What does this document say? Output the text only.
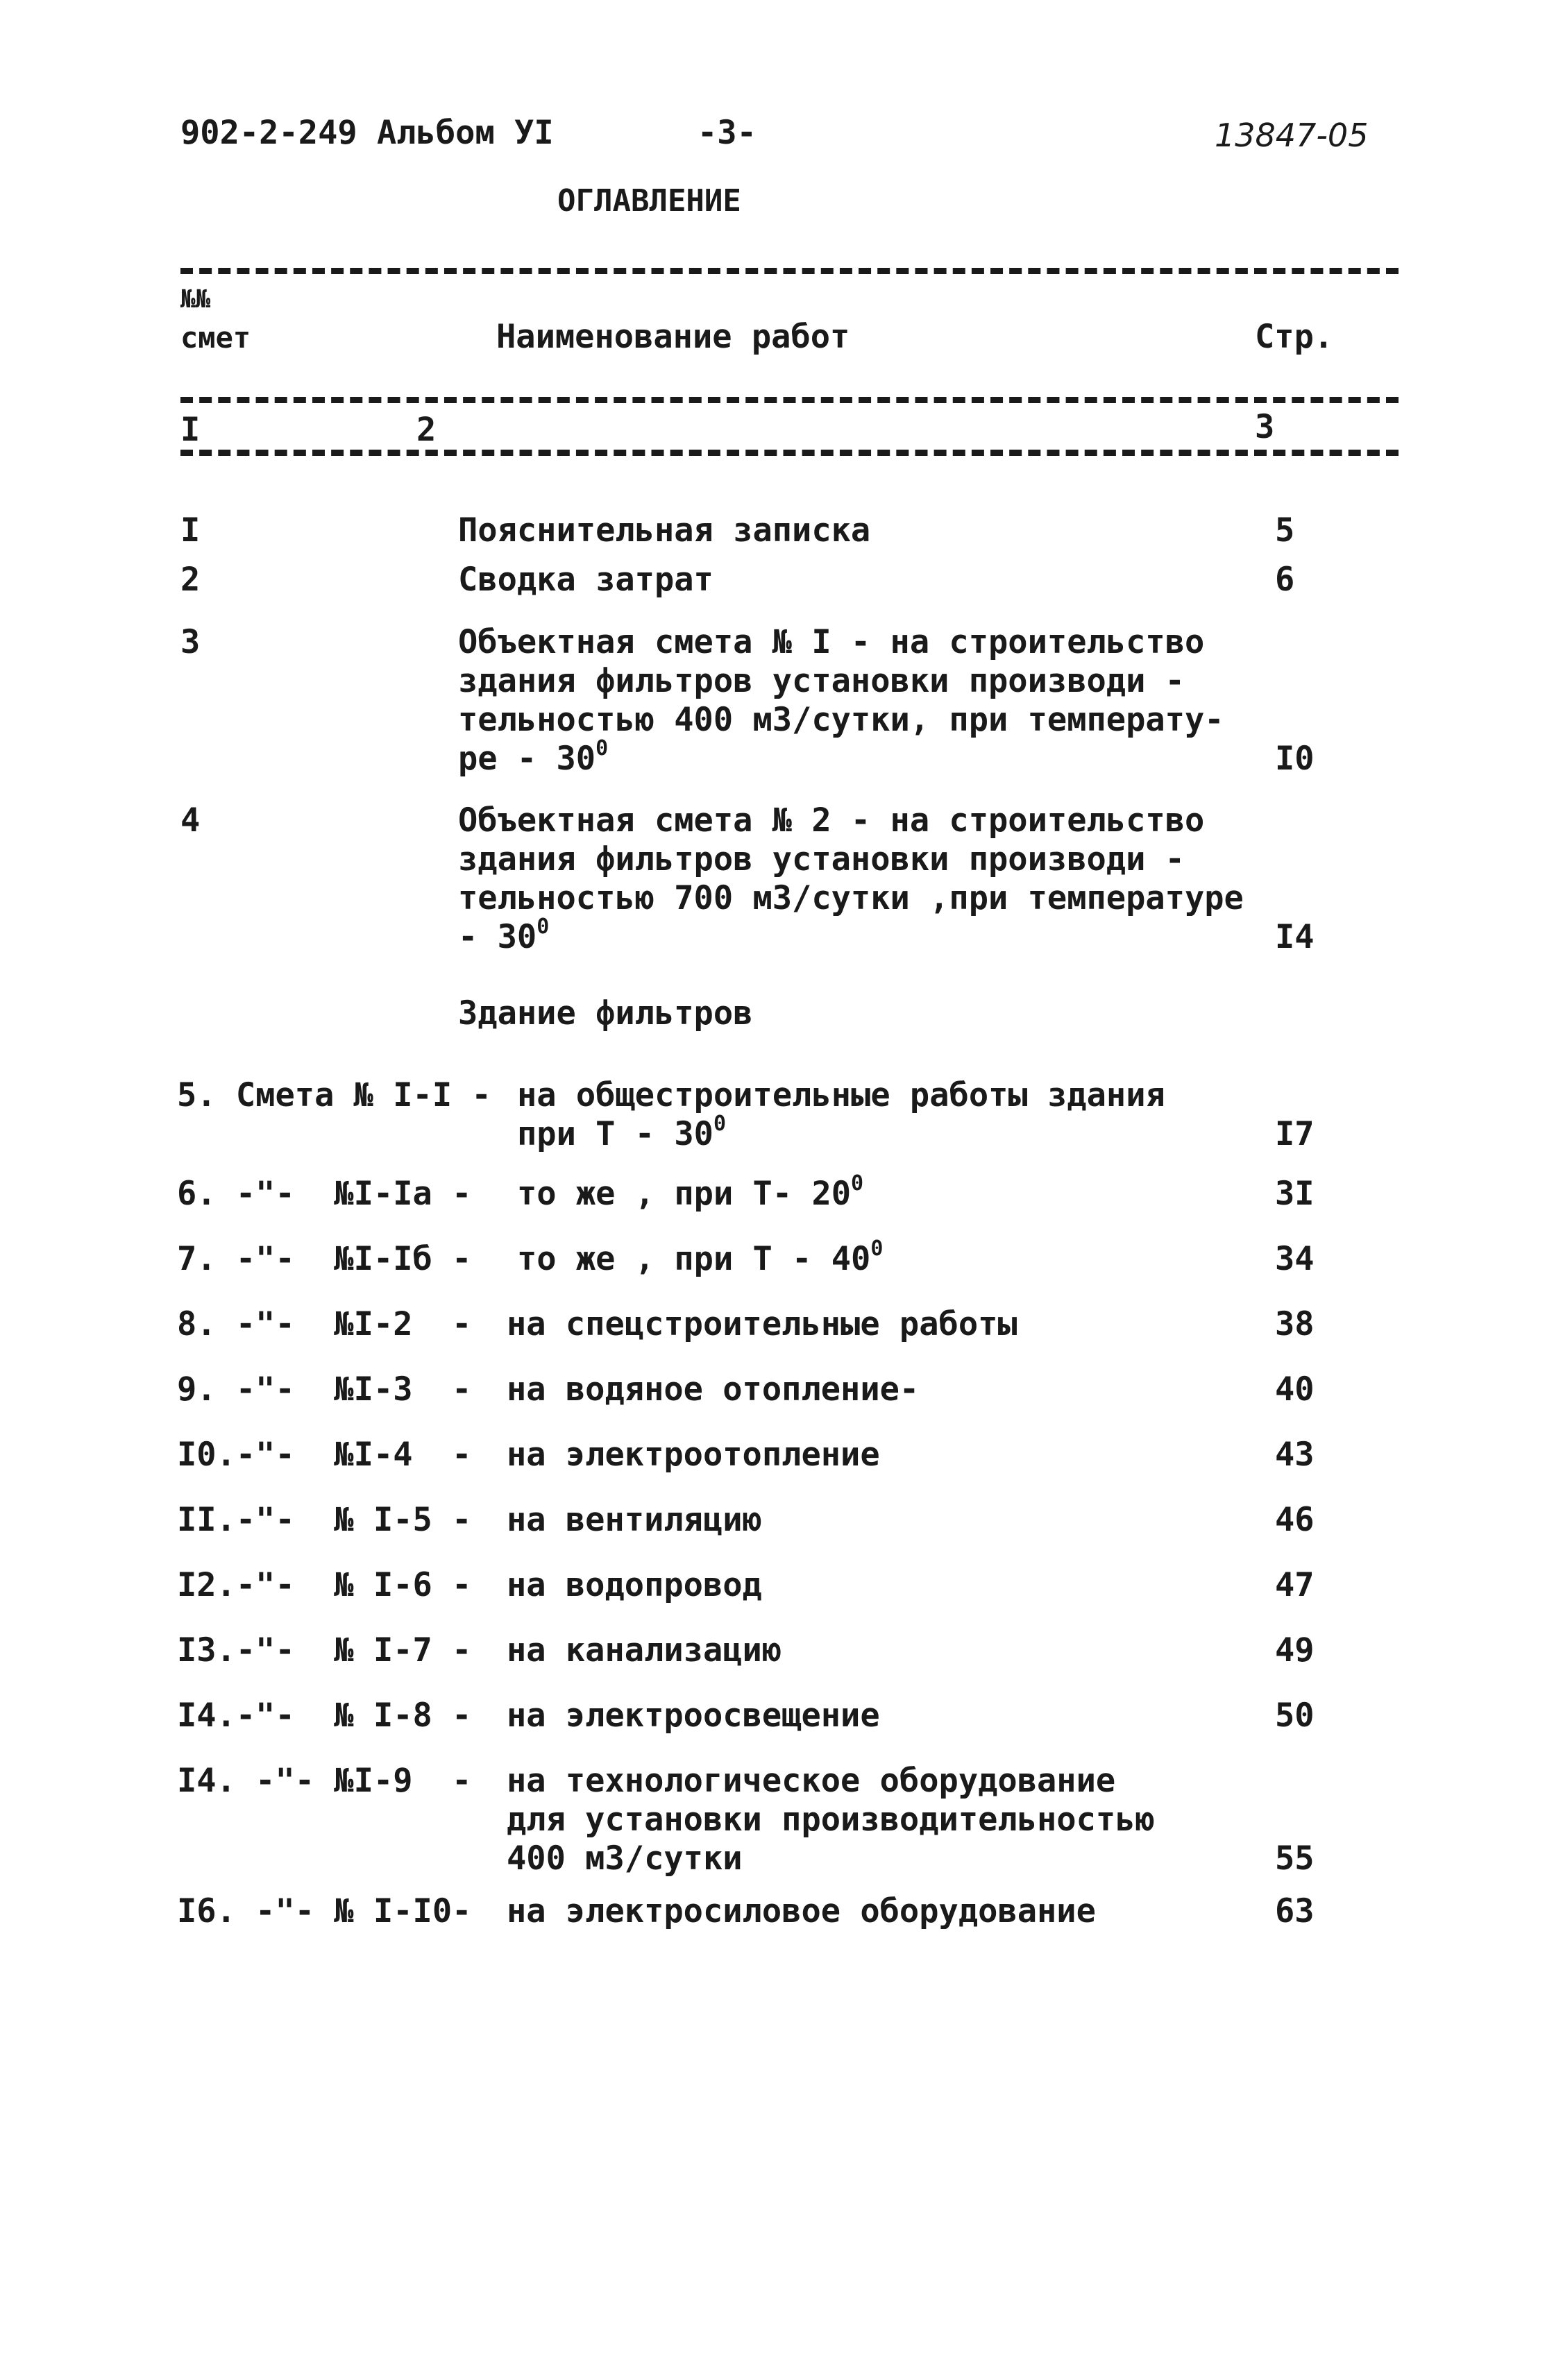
902-2-249 Альбом УI	-3-	13847-05
ОГЛАВЛЕНИЕ
№№
смет	Наименование работ	Стр.
I	2	3
Здание фильтров
I	Пояснительная записка	5
2	Сводка затрат	6
3	Объектная смета № I - на строительство
здания фильтров установки производи -
тельностью 400 м3/сутки, при температу-
ре - $30^0$	I0
4	Объектная смета № 2 - на строительство
здания фильтров установки производи -
тельностью 700 м3/сутки ,при температуре
- $30^0$	I4
5. Смета № I-I - на общестроительные работы здания
при Т - $30^0$	I7
6. -"-  №I-Iа - то же , при Т- $20^0$	3I
7. -"-  №I-Iб - то же , при Т - $40^0$	34
8. -"-  №I-2  - на спецстроительные работы	38
9. -"-  №I-3  - на водяное отопление-	40
I0.-"-  №I-4  - на электроотопление	43
II.-"-  № I-5 - на вентиляцию	46
I2.-"-  № I-6 - на водопровод	47
I3.-"-  № I-7 - на канализацию	49
I4.-"-  № I-8 - на электроосвещение	50
I4. -"- №I-9  - на технологическое оборудование
для установки производительностью
400 м3/сутки	55
I6. -"- № I-I0- на электросиловое оборудование	63
